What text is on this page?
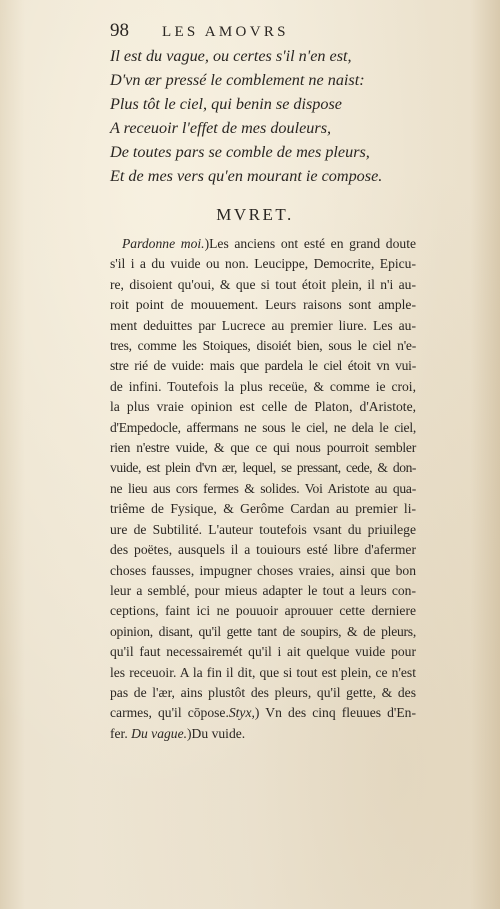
98 LES AMOVRS
Il est du vague, ou certes s'il n'en est,
D'vn ær pressé le comblement ne naist:
Plus tôt le ciel, qui benin se dispose
A receuoir l'effet de mes douleurs,
De toutes pars se comble de mes pleurs,
Et de mes vers qu'en mourant ie compose.
MVRET.
Pardonne moi.)Les anciens ont esté en grand doute
s'il i a du vuide ou non. Leucippe, Democrite, Epicu-
re, disoient qu'oui, & que si tout étoit plein, il n'i au-
roit point de mouuement. Leurs raisons sont ample-
ment deduittes par Lucrece au premier liure. Les au-
tres, comme les Stoiques, disoiét bien, sous le ciel n'e-
stre rié de vuide: mais que pardela le ciel étoit vn vui-
de infini. Toutefois la plus receüe, & comme ie croi,
la plus vraie opinion est celle de Platon, d'Aristote,
d'Empedocle, affermans ne sous le ciel, ne dela le ciel,
rien n'estre vuide, & que ce qui nous pourroit sembler
vuide, est plein d'vn ær, lequel, se pressant, cede, & don-
ne lieu aus cors fermes & solides. Voi Aristote au qua-
triême de Fysique, & Gerôme Cardan au premier li-
ure de Subtilité. L'auteur toutefois vsant du priuilege
des poëtes, ausquels il a touiours esté libre d'afermer
choses fausses, impugner choses vraies, ainsi que bon
leur a semblé, pour mieus adapter le tout a leurs con-
ceptions, faint ici ne pouuoir aprouuer cette derniere
opinion, disant, qu'il gette tant de soupirs, & de pleurs,
qu'il faut necessairemét qu'il i ait quelque vuide pour
les receuoir. A la fin il dit, que si tout est plein, ce n'est
pas de l'ær, ains plustôt des pleurs, qu'il gette, & des
carmes, qu'il cōpose.Styx,) Vn des cinq fleuues d'En-
fer. Du vague.)Du vuide.
